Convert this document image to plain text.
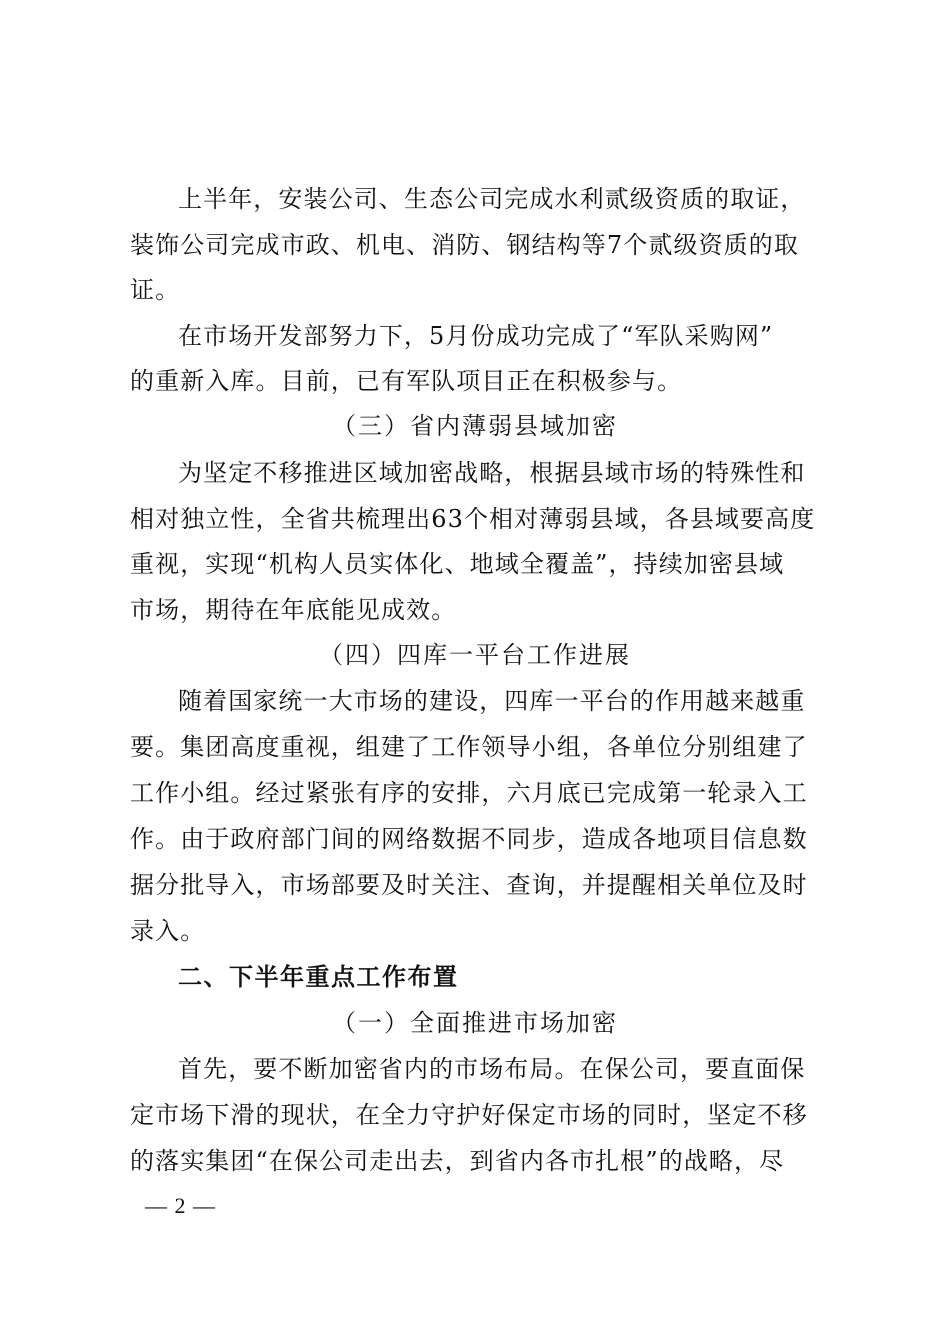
上半年，安装公司、生态公司完成水利贰级资质的取证，
装饰公司完成市政、机电、消防、钢结构等7个贰级资质的取
证。
在市场开发部努力下，5月份成功完成了“军队采购网”
的重新入库。目前，已有军队项目正在积极参与。
（三）省内薄弱县域加密
为坚定不移推进区域加密战略，根据县域市场的特殊性和
相对独立性，全省共梳理出63个相对薄弱县域，各县域要高度
重视，实现“机构人员实体化、地域全覆盖”，持续加密县域
市场，期待在年底能见成效。
（四）四库一平台工作进展
随着国家统一大市场的建设，四库一平台的作用越来越重
要。集团高度重视，组建了工作领导小组，各单位分别组建了
工作小组。经过紧张有序的安排，六月底已完成第一轮录入工
作。由于政府部门间的网络数据不同步，造成各地项目信息数
据分批导入，市场部要及时关注、查询，并提醒相关单位及时
录入。
二、下半年重点工作布置
（一）全面推进市场加密
首先，要不断加密省内的市场布局。在保公司，要直面保
定市场下滑的现状，在全力守护好保定市场的同时，坚定不移
的落实集团“在保公司走出去，到省内各市扎根”的战略，尽
— 2 —
